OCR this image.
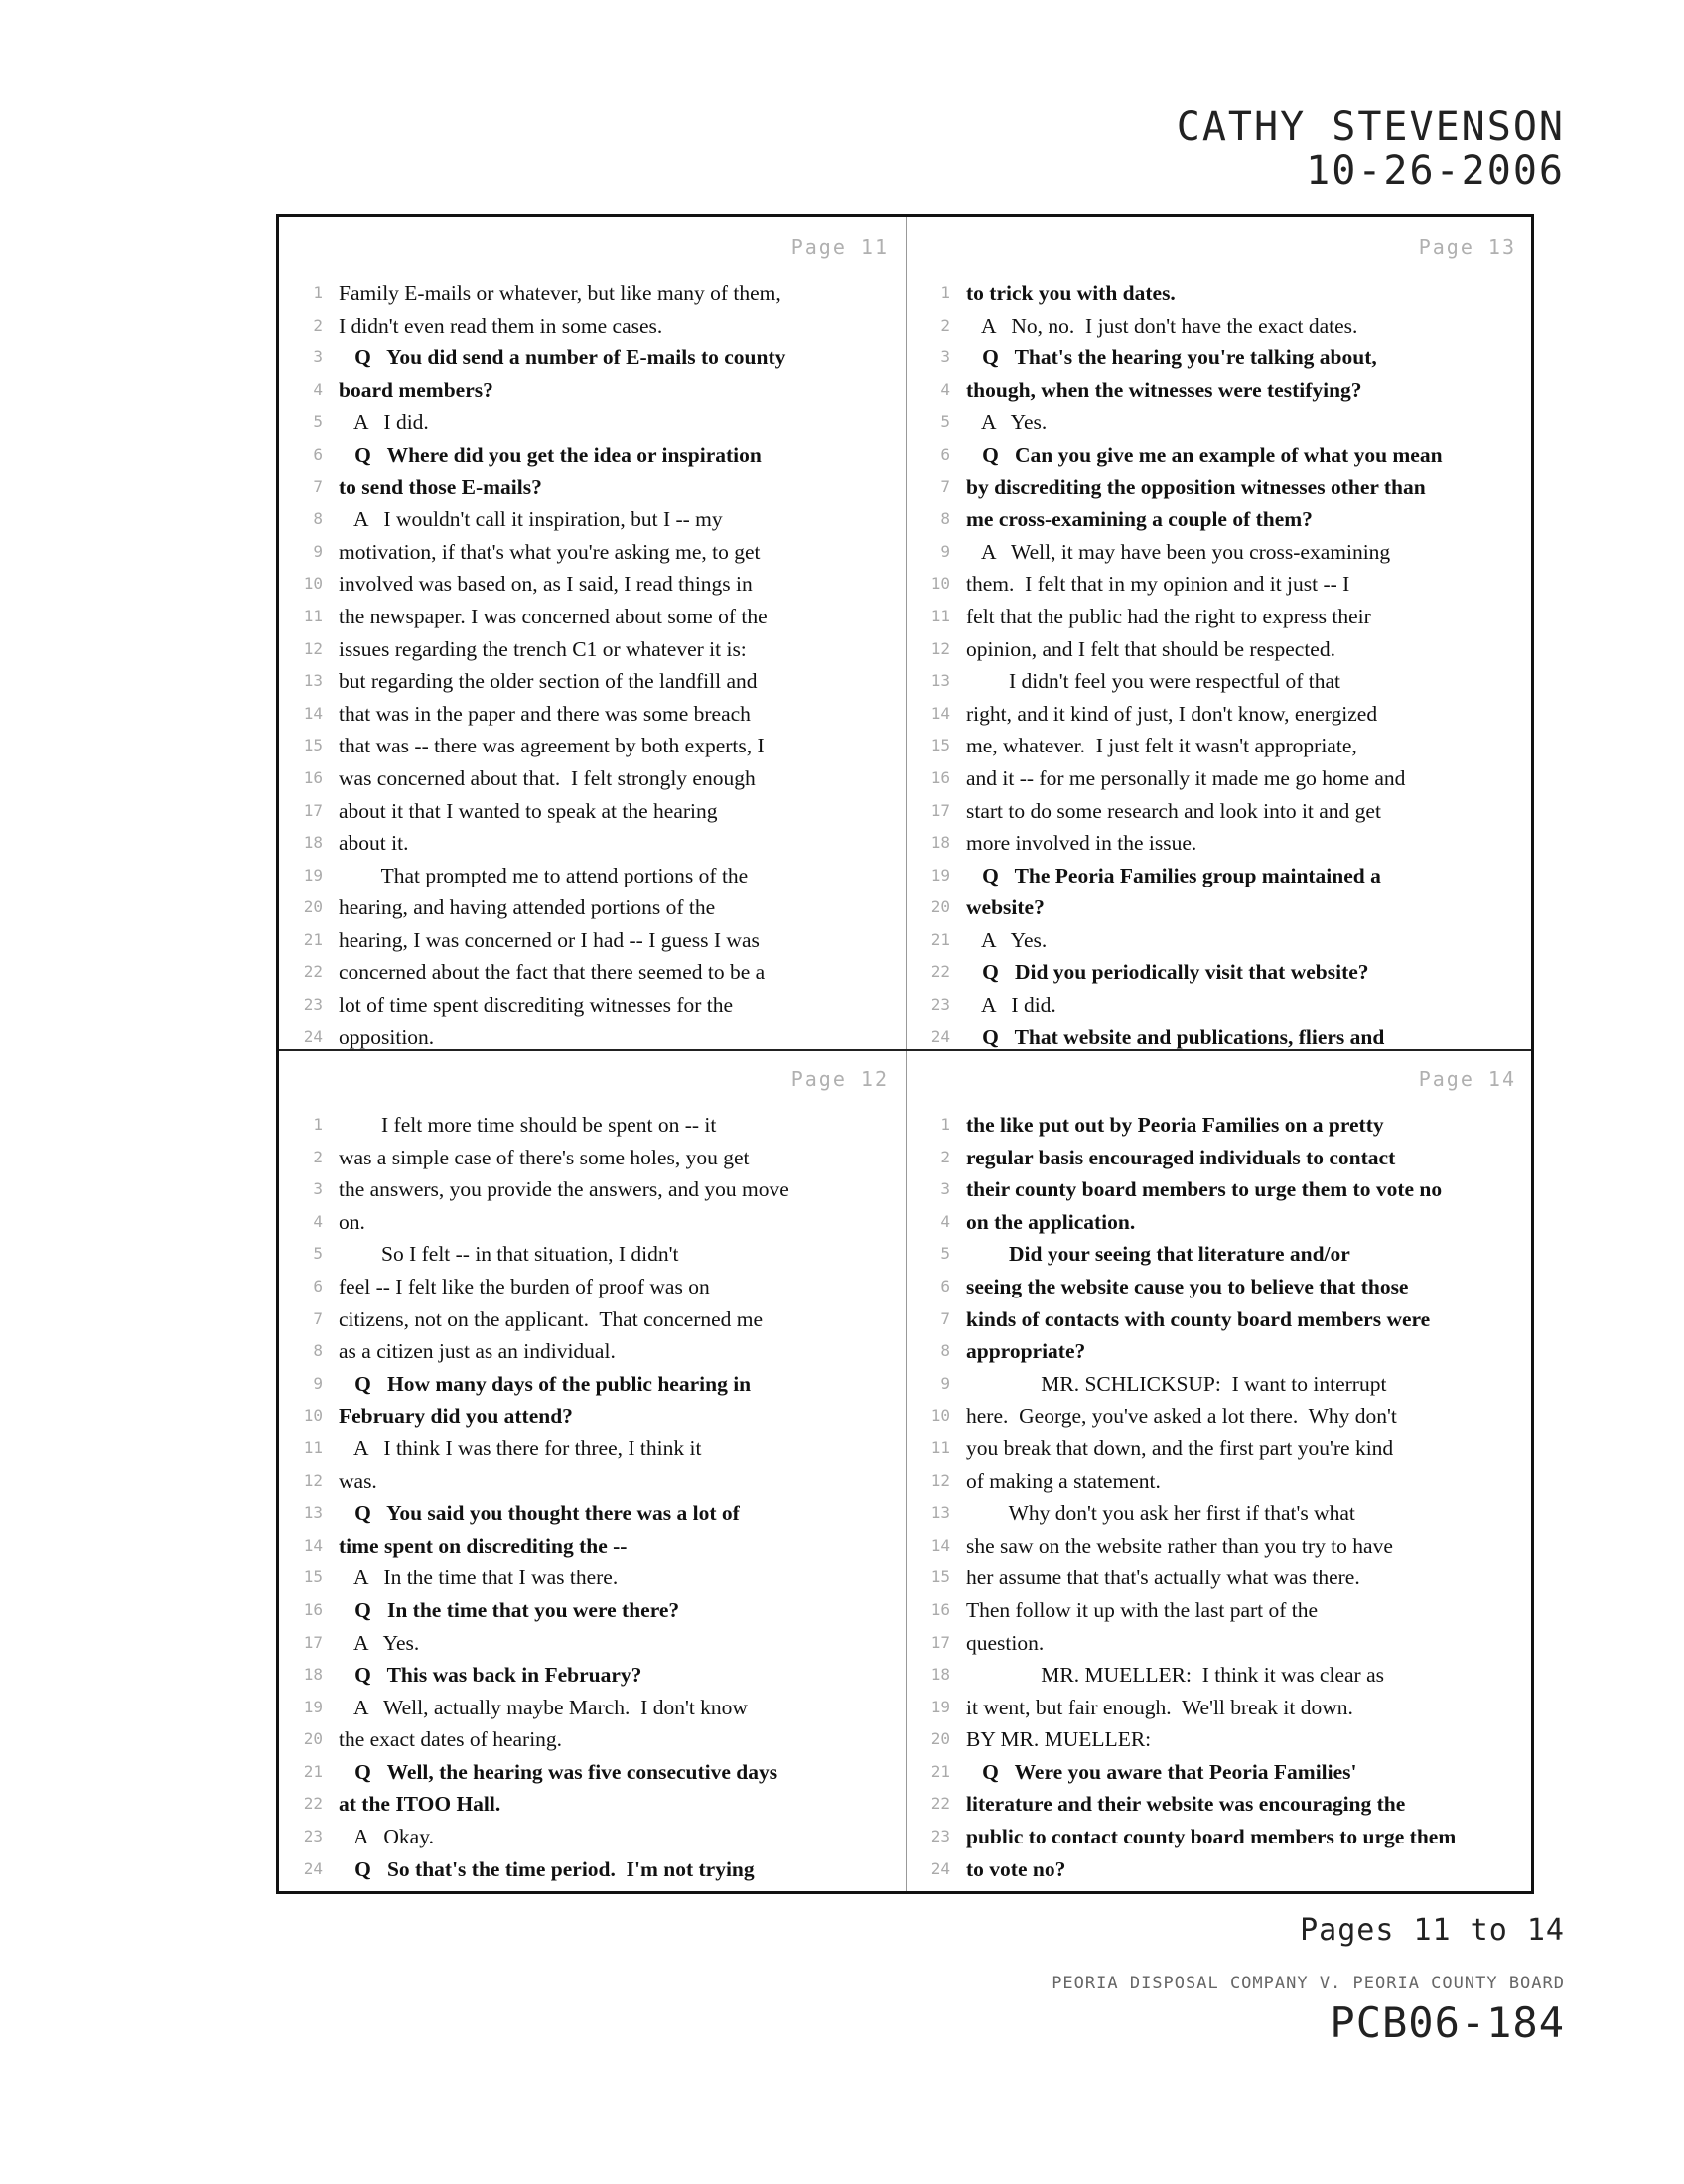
CATHY STEVENSON
10-26-2006
Page 11
1 Family E-mails or whatever, but like many of them,
2 I didn't even read them in some cases.
3 Q   You did send a number of E-mails to county
4 board members?
5 A   I did.
6 Q   Where did you get the idea or inspiration
7 to send those E-mails?
8 A   I wouldn't call it inspiration, but I -- my
9 motivation, if that's what you're asking me, to get
10 involved was based on, as I said, I read things in
11 the newspaper. I was concerned about some of the
12 issues regarding the trench C1 or whatever it is:
13 but regarding the older section of the landfill and
14 that was in the paper and there was some breach
15 that was -- there was agreement by both experts, I
16 was concerned about that.  I felt strongly enough
17 about it that I wanted to speak at the hearing
18 about it.
19 That prompted me to attend portions of the
20 hearing, and having attended portions of the
21 hearing, I was concerned or I had -- I guess I was
22 concerned about the fact that there seemed to be a
23 lot of time spent discrediting witnesses for the
24 opposition.
Page 13
1 to trick you with dates.
2 A   No, no.  I just don't have the exact dates.
3 Q   That's the hearing you're talking about,
4 though, when the witnesses were testifying?
5 A   Yes.
6 Q   Can you give me an example of what you mean
7 by discrediting the opposition witnesses other than
8 me cross-examining a couple of them?
9 A   Well, it may have been you cross-examining
10 them.  I felt that in my opinion and it just -- I
11 felt that the public had the right to express their
12 opinion, and I felt that should be respected.
13 I didn't feel you were respectful of that
14 right, and it kind of just, I don't know, energized
15 me, whatever.  I just felt it wasn't appropriate,
16 and it -- for me personally it made me go home and
17 start to do some research and look into it and get
18 more involved in the issue.
19 Q   The Peoria Families group maintained a
20 website?
21 A   Yes.
22 Q   Did you periodically visit that website?
23 A   I did.
24 Q   That website and publications, fliers and
Page 12
1 I felt more time should be spent on -- it
2 was a simple case of there's some holes, you get
3 the answers, you provide the answers, and you move
4 on.
5 So I felt -- in that situation, I didn't
6 feel -- I felt like the burden of proof was on
7 citizens, not on the applicant.  That concerned me
8 as a citizen just as an individual.
9 Q   How many days of the public hearing in
10 February did you attend?
11 A   I think I was there for three, I think it
12 was.
13 Q   You said you thought there was a lot of
14 time spent on discrediting the --
15 A   In the time that I was there.
16 Q   In the time that you were there?
17 A   Yes.
18 Q   This was back in February?
19 A   Well, actually maybe March.  I don't know
20 the exact dates of hearing.
21 Q   Well, the hearing was five consecutive days
22 at the ITOO Hall.
23 A   Okay.
24 Q   So that's the time period.  I'm not trying
Page 14
1 the like put out by Peoria Families on a pretty
2 regular basis encouraged individuals to contact
3 their county board members to urge them to vote no
4 on the application.
5 Did your seeing that literature and/or
6 seeing the website cause you to believe that those
7 kinds of contacts with county board members were
8 appropriate?
9 MR. SCHLICKSUP:  I want to interrupt
10 here.  George, you've asked a lot there.  Why don't
11 you break that down, and the first part you're kind
12 of making a statement.
13 Why don't you ask her first if that's what
14 she saw on the website rather than you try to have
15 her assume that that's actually what was there.
16 Then follow it up with the last part of the
17 question.
18 MR. MUELLER:  I think it was clear as
19 it went, but fair enough.  We'll break it down.
20 BY MR. MUELLER:
21 Q   Were you aware that Peoria Families'
22 literature and their website was encouraging the
23 public to contact county board members to urge them
24 to vote no?
Pages 11 to 14
PEORIA DISPOSAL COMPANY V. PEORIA COUNTY BOARD
PCB06-184
